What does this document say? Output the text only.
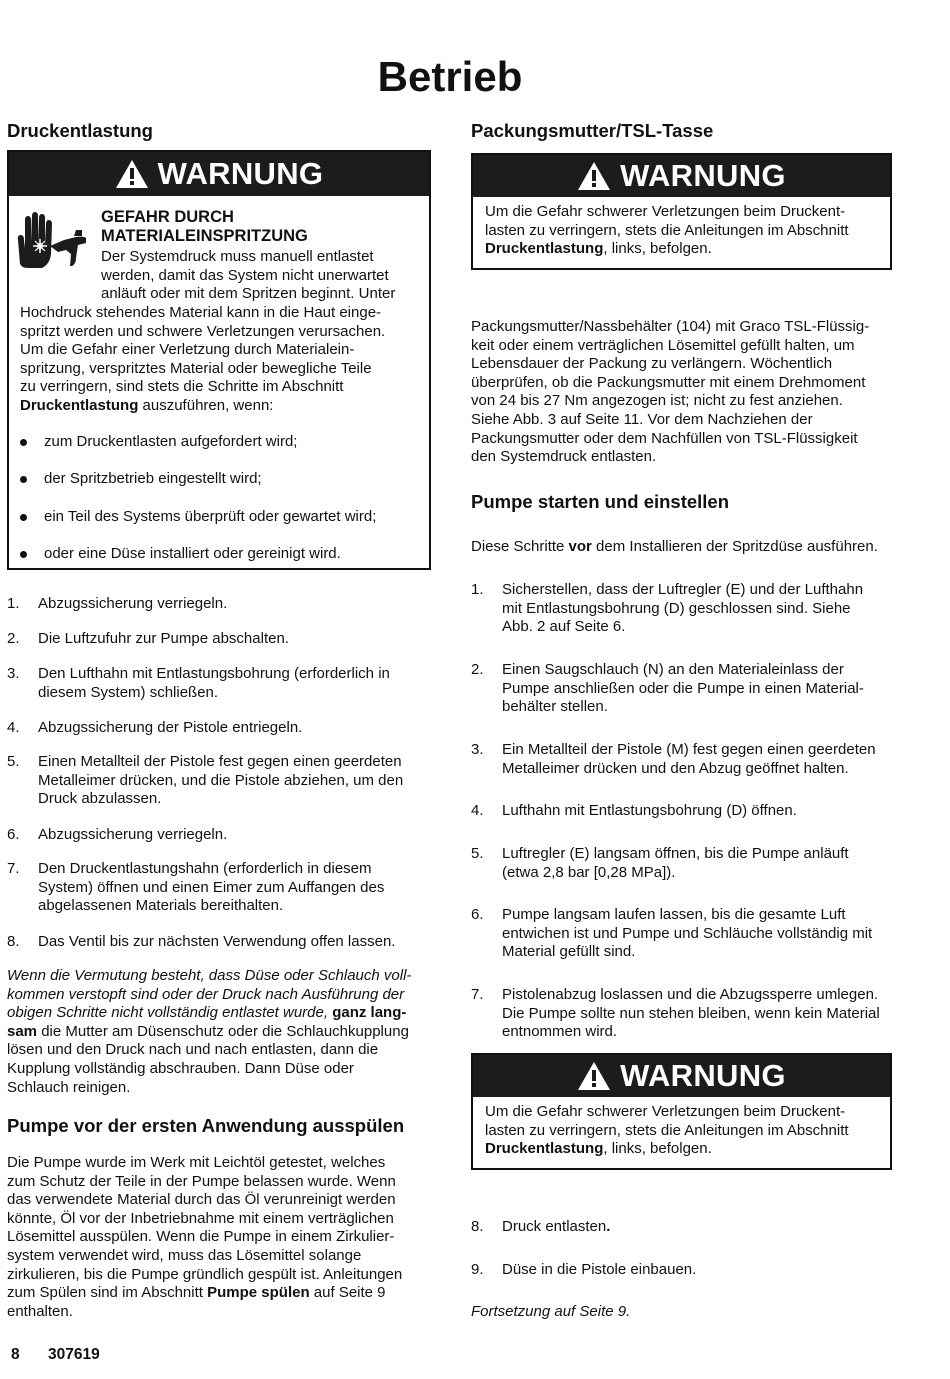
Betrieb
Druckentlastung
WARNUNG
GEFAHR DURCH
MATERIALEINSPRITZUNG
Der Systemdruck muss manuell entlastet
werden, damit das System nicht unerwartet
anläuft oder mit dem Spritzen beginnt. Unter
Hochdruck stehendes Material kann in die Haut einge-
spritzt werden und schwere Verletzungen verursachen.
Um die Gefahr einer Verletzung durch Materialein-
spritzung, verspritztes Material oder bewegliche Teile
zu verringern, sind stets die Schritte im Abschnitt
Druckentlastung auszuführen, wenn:
zum Druckentlasten aufgefordert wird;
der Spritzbetrieb eingestellt wird;
ein Teil des Systems überprüft oder gewartet wird;
oder eine Düse installiert oder gereinigt wird.
1. Abzugssicherung verriegeln.
2. Die Luftzufuhr zur Pumpe abschalten.
3. Den Lufthahn mit Entlastungsbohrung (erforderlich in
diesem System) schließen.
4. Abzugssicherung der Pistole entriegeln.
5. Einen Metallteil der Pistole fest gegen einen geerdeten
Metalleimer drücken, und die Pistole abziehen, um den
Druck abzulassen.
6. Abzugssicherung verriegeln.
7. Den Druckentlastungshahn (erforderlich in diesem
System) öffnen und einen Eimer zum Auffangen des
abgelassenen Materials bereithalten.
8. Das Ventil bis zur nächsten Verwendung offen lassen.
Wenn die Vermutung besteht, dass Düse oder Schlauch voll-
kommen verstopft sind oder der Druck nach Ausführung der
obigen Schritte nicht vollständig entlastet wurde, ganz lang-
sam die Mutter am Düsenschutz oder die Schlauchkupplung
lösen und den Druck nach und nach entlasten, dann die
Kupplung vollständig abschrauben. Dann Düse oder
Schlauch reinigen.
Pumpe vor der ersten Anwendung ausspülen
Die Pumpe wurde im Werk mit Leichtöl getestet, welches
zum Schutz der Teile in der Pumpe belassen wurde. Wenn
das verwendete Material durch das Öl verunreinigt werden
könnte, Öl vor der Inbetriebnahme mit einem verträglichen
Lösemittel ausspülen. Wenn die Pumpe in einem Zirkulier-
system verwendet wird, muss das Lösemittel solange
zirkulieren, bis die Pumpe gründlich gespült ist. Anleitungen
zum Spülen sind im Abschnitt Pumpe spülen auf Seite 9
enthalten.
8 307619
Packungsmutter/TSL-Tasse
WARNUNG
Um die Gefahr schwerer Verletzungen beim Druckent-
lasten zu verringern, stets die Anleitungen im Abschnitt
Druckentlastung, links, befolgen.
Packungsmutter/Nassbehälter (104) mit Graco TSL-Flüssig-
keit oder einem verträglichen Lösemittel gefüllt halten, um
Lebensdauer der Packung zu verlängern. Wöchentlich
überprüfen, ob die Packungsmutter mit einem Drehmoment
von 24 bis 27 Nm angezogen ist; nicht zu fest anziehen.
Siehe Abb. 3 auf Seite 11. Vor dem Nachziehen der
Packungsmutter oder dem Nachfüllen von TSL-Flüssigkeit
den Systemdruck entlasten.
Pumpe starten und einstellen
Diese Schritte vor dem Installieren der Spritzdüse ausführen.
1. Sicherstellen, dass der Luftregler (E) und der Lufthahn
mit Entlastungsbohrung (D) geschlossen sind. Siehe
Abb. 2 auf Seite 6.
2. Einen Saugschlauch (N) an den Materialeinlass der
Pumpe anschließen oder die Pumpe in einen Material-
behälter stellen.
3. Ein Metallteil der Pistole (M) fest gegen einen geerdeten
Metalleimer drücken und den Abzug geöffnet halten.
4. Lufthahn mit Entlastungsbohrung (D) öffnen.
5. Luftregler (E) langsam öffnen, bis die Pumpe anläuft
(etwa 2,8 bar [0,28 MPa]).
6. Pumpe langsam laufen lassen, bis die gesamte Luft
entwichen ist und Pumpe und Schläuche vollständig mit
Material gefüllt sind.
7. Pistolenabzug loslassen und die Abzugssperre umlegen.
Die Pumpe sollte nun stehen bleiben, wenn kein Material
entnommen wird.
WARNUNG
Um die Gefahr schwerer Verletzungen beim Druckent-
lasten zu verringern, stets die Anleitungen im Abschnitt
Druckentlastung, links, befolgen.
8. Druck entlasten.
9. Düse in die Pistole einbauen.
Fortsetzung auf Seite 9.
